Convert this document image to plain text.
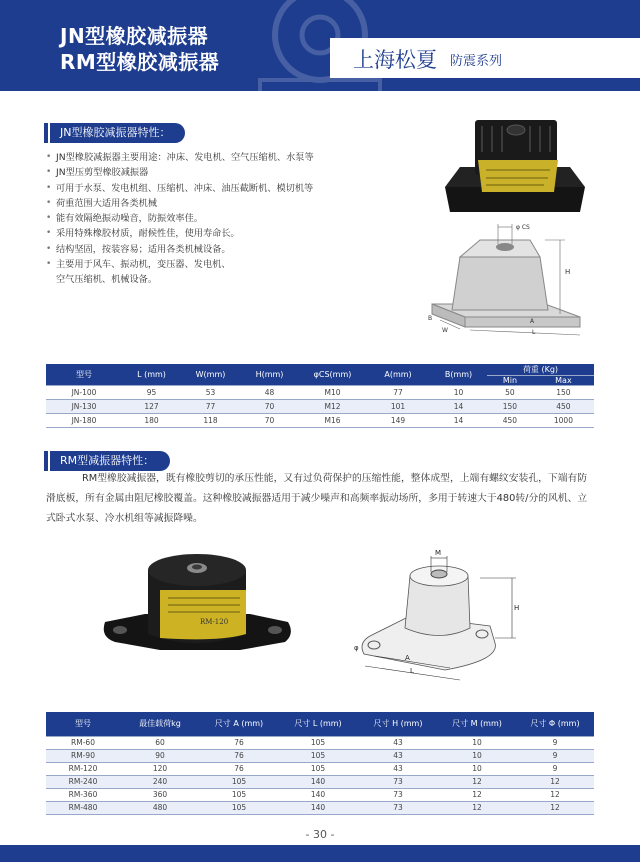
JN型橡胶减振器
RM型橡胶减振器	上海松夏 防震系列
JN型橡胶减振器特性：
• JN型橡胶减振器主要用途：冲床、发电机、空气压缩机、水泵等
• JN型压剪型橡胶减振器
• 可用于水泵、发电机组、压缩机、冲床、油压截断机、模切机等
• 荷重范围大适用各类机械
• 能有效隔绝振动噪音，防振效率佳。
• 采用特殊橡胶材质，耐候性佳，使用寿命长。
• 结构坚固，按装容易；适用各类机械设备。
• 主要用于风车、振动机，变压器、发电机、
空气压缩机、机械设备。
φ CS
H
B
W
A
L
型号	L (mm)	W(mm)	H(mm)	φCS(mm)	A(mm)	B(mm)	荷重 (Kg)	
							Min	Max
JN-100	95	53	48	M10	77	10	50	150
JN-130	127	77	70	M12	101	14	150	450
JN-180	180	118	70	M16	149	14	450	1000
RM型减振器特性：

RM型橡胶减振器，既有橡胶剪切的承压性能，又有过负荷保护的压缩性能，整体成型，上端有螺纹安装孔，下端有防滑底板，所有金属由阻尼橡胶覆盖。这种橡胶减振器适用于减少噪声和高频率振动场所，多用于转速大于480转/分的风机、立式卧式水泵、冷水机组等减振降噪。

RM-120
M
H
φ
A
L
型号	最佳载荷kg	尺寸 A (mm)	尺寸 L (mm)	尺寸 H (mm)	尺寸 M (mm)	尺寸 Φ (mm)
RM-60	60	76	105	43	10	9
RM-90	90	76	105	43	10	9
RM-120	120	76	105	43	10	9
RM-240	240	105	140	73	12	12
RM-360	360	105	140	73	12	12
RM-480	480	105	140	73	12	12
- 30 -
